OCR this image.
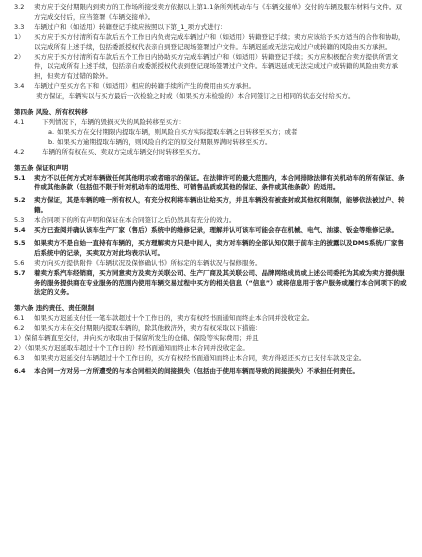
3.2	卖方应于交付期限内到卖方的工作场所接受卖方依据以上第1.1条所列机动车与《车辆交接单》交付的车辆及服车材料与文件。双方完成交付后，应当签署《车辆交接单》。
3.3	车辆过户和（如适用）转籍登记手续应按照以下第_1_项方式进行：
1）	买方应于买方付清所有车款后五个工作日内负责完成车辆过户和（如适用）转籍登记手续；卖方应该给予买方适当的合作和协助，以完成所有上述手续，包括委派授权代表亲自到登记现场签署过户文件。车辆迟延或无法完成过户或转籍的风险由买方承担。
2）	买方应于买方付清所有车款后五个工作日内协助买方完成车辆过户和（如适用）转籍登记手续；买方应积极配合卖方提供所需文件，以完成所有上述手续，包括亲自或委派授权代表到登记现场签署过户文件。车辆迟延或无法完成过户或转籍的风险由卖方承担，但卖方有过错的除外。
3.4	车辆过户至买方名下和（如适用）相应的转籍手续所产生的费用由买方承担。
卖方保证，车辆实以与买方最后一次检验之时或（如果买方未检验的）本合同签订之日相同的状态交付给买方。
第四条 风险、所有权转移
4.1	下列情况下，车辆的毁损灭失的风险转移至买方：
a. 如果买方在交付期限内提取车辆，则风险自买方实际提取车辆之日转移至买方；或者
b. 如果买方逾期提取车辆的，则风险自约定的原交付期限界满时转移至买方。
4.2	车辆的所有权在买、卖双方完成车辆交付时转移至买方。
第五条 保证和声明
5.1	卖方不以任何方式对车辆做任何其他明示或者暗示的保证。在法律许可的最大范围内，本合同排除法律有关机动车的所有保证、条件或其他条款（包括但不限于针对机动车的适用性、可销售品质或其他的保证、条件或其他条款）的适用。
5.2	卖方保证，其是车辆的唯一所有权人，有充分权利将车辆出让给买方，并且车辆没有被查封或其他权利限制，能够依法被过户、转籍。
5.3	本合同项下的所有声明和保证在本合同签订之后仍然具有充分的效力。
5.4	买方已查阅并确认该车生产厂家（售后）系统中的维修记录，理解并认可该车可能会存在机械、电气、油漆、钣金等维修记录。
5.5	如果卖方不是自始一直持有车辆的，买方理解卖方只是中间人，卖方对车辆的全部认知仅限于前车主的披露以及DMS系统/厂家售后系统中的记录，买卖双方对此均表示认可。
5.6	卖方向买方提供附件《车辆状况及保修确认书》所标定的车辆状况与保修服务。
5.7	着卖方系汽车经销商，买方同意卖方及卖方关联公司、生产厂商及其关联公司、品牌网络成员或上述公司委托为其或为卖方提供服务的服务提供商在专业服务的范围内使用车辆交易过程中买方的相关信息（“信息”）或将信息用于客户服务或履行本合同项下的或法定的义务。
第六条 违约责任、责任限制
6.1	如果买方迟延支付任一笔车款超过十个工作日的，卖方有权经书面通知而终止本合同并没收定金。
6.2	如果买方未在交付期限内提取车辆的，除其他救济外，卖方有权采取以下措施：
1）保留车辆直至交付，并向买方收取由于保留所发生的仓储、保险等实际费用；并且
2）（如果买方迟延取车超过十个工作日的）经书面通知而终止本合同并没收定金。
6.3	如果卖方迟延交付车辆超过十个工作日的，买方有权经书面通知而终止本合同，卖方得返还买方已支付车款及定金。
6.4	本合同一方对另一方所遭受的与本合同相关的间接损失（包括由于使用车辆而导致的间接损失）不承担任何责任。
